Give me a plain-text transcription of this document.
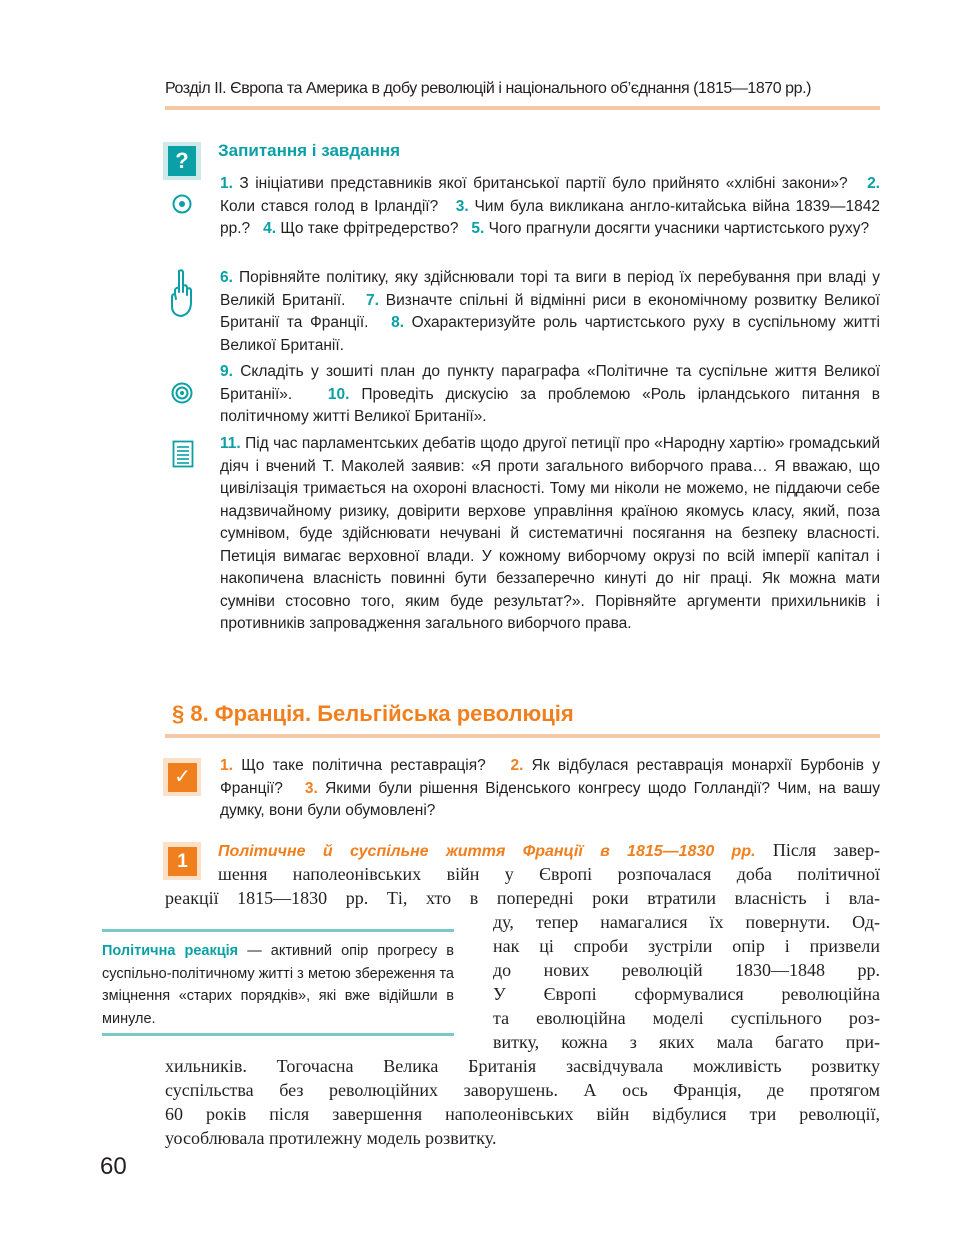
Розділ ІІ. Європа та Америка в добу революцій і національного об’єднання (1815—1870 рр.)
?	Запитання і завдання
1. З ініціативи представників якої британської партії було прийнято «хлібні закони»? 2. Коли стався голод в Ірландії? 3. Чим була викликана англо-китайська війна 1839—1842 рр.? 4. Що таке фрітредерство? 5. Чого прагнули досягти учасники чартистського руху?
6. Порівняйте політику, яку здійснювали торі та виги в період їх перебування при владі у Великій Британії. 7. Визначте спільні й відмінні риси в економічному розвитку Великої Британії та Франції. 8. Охарактеризуйте роль чартистського руху в суспільному житті Великої Британії.
9. Складіть у зошиті план до пункту параграфа «Політичне та суспільне життя Великої Британії». 10. Проведіть дискусію за проблемою «Роль ірландського питання в політичному житті Великої Британії».
11. Під час парламентських дебатів щодо другої петиції про «Народну хартію» громадський діяч і вчений Т. Маколей заявив: «Я проти загального виборчого права… Я вважаю, що цивілізація тримається на охороні власності. Тому ми ніколи не можемо, не піддаючи себе надзвичайному ризику, довірити верхове управління країною якомусь класу, який, поза сумнівом, буде здійснювати нечувані й систематичні посягання на безпеку власності. Петиція вимагає верховної влади. У кожному виборчому окрузі по всій імперії капітал і накопичена власність повинні бути беззаперечно кинуті до ніг праці. Як можна мати сумніви стосовно того, яким буде результат?». Порівняйте аргументи прихильників і противників запровадження загального виборчого права.
§ 8. Франція. Бельгійська революція
✓
1. Що таке політична реставрація? 2. Як відбулася реставрація монархії Бурбонів у Франції? 3. Якими були рішення Віденського конгресу щодо Голландії? Чим, на вашу думку, вони були обумовлені?
1	Політичне й суспільне життя Франції в 1815—1830 рр. Після завер-
шення наполеонівських війн у Європі розпочалася доба політичної
реакції 1815—1830 рр. Ті, хто в попередні роки втратили власність і вла-
ду, тепер намагалися їх повернути. Од-
нак ці спроби зустріли опір і призвели
до нових революцій 1830—1848 рр.
У Європі сформувалися революційна
та еволюційна моделі суспільного роз-
витку, кожна з яких мала багато при-
хильників. Тогочасна Велика Британія засвідчувала можливість розвитку
суспільства без революційних заворушень. А ось Франція, де протягом
60 років після завершення наполеонівських війн відбулися три революції,
уособлювала протилежну модель розвитку.
Політична реакція — активний опір прогресу в суспільно-політичному житті з метою збереження та зміцнення «старих порядків», які вже відійшли в минуле.
60
